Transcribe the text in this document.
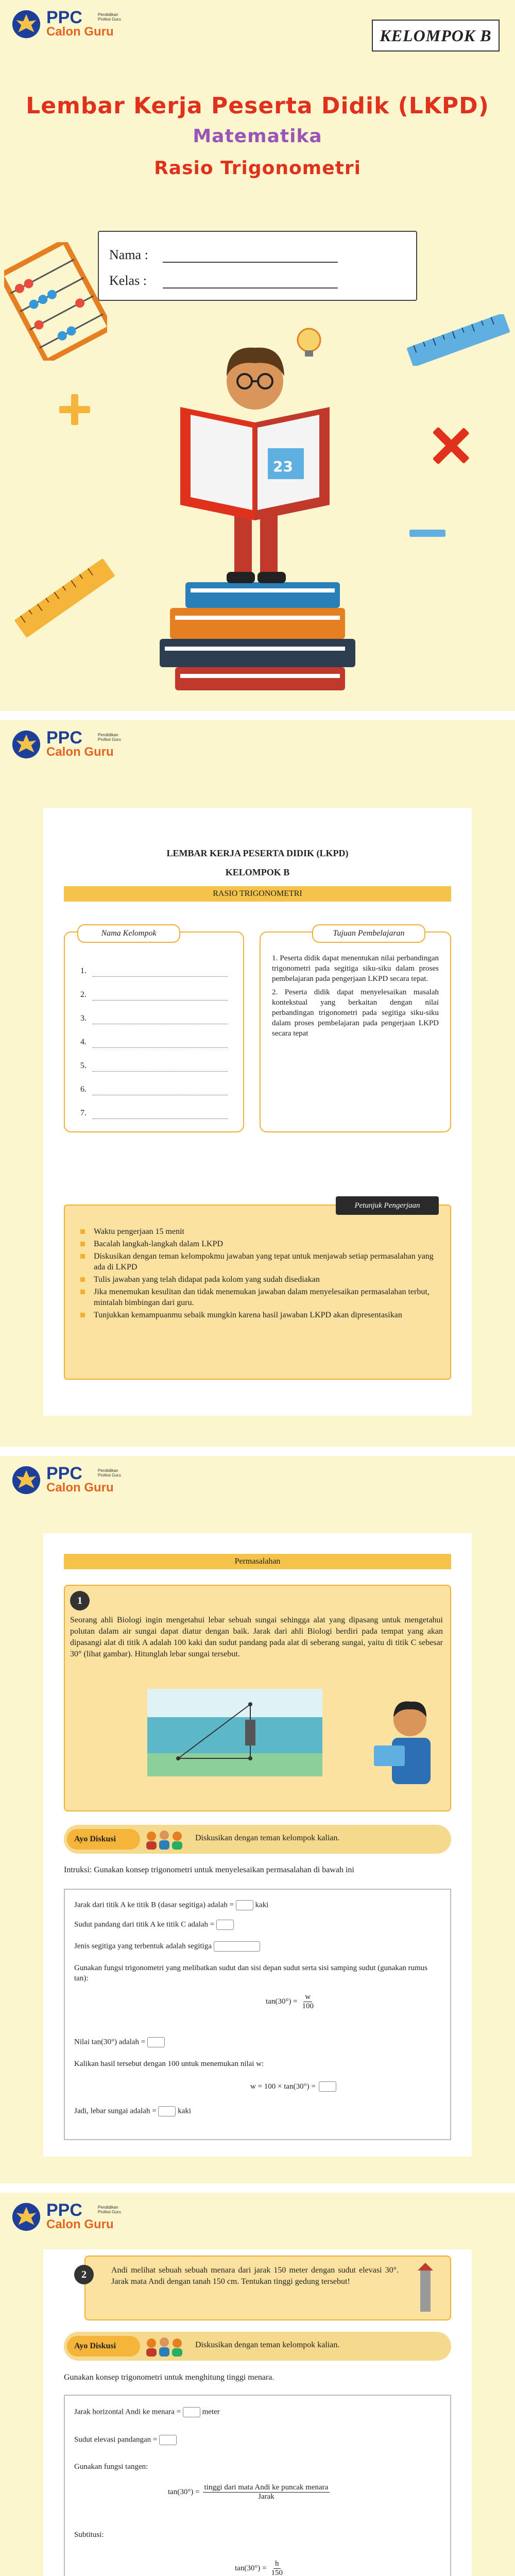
PPC
Calon Guru
Pendidikan Profesi Guru
KELOMPOK B
Lembar Kerja Peserta Didik (LKPD)
Matematika
Rasio Trigonometri
Nama :
Kelas :
23
PPC
Calon Guru
Pendidikan Profesi Guru
LEMBAR KERJA PESERTA DIDIK (LKPD)
KELOMPOK B
RASIO TRIGONOMETRI
Nama Kelompok
1.
2.
3.
4.
5.
6.
7.
Tujuan Pembelajaran

1. Peserta didik dapat menentukan nilai perbandingan trigonometri pada segitiga siku-siku dalam proses pembelajaran pada pengerjaan LKPD secara tepat.

2. Peserta didik dapat menyelesaikan masalah kontekstual yang berkaitan dengan nilai perbandingan trigonometri pada segitiga siku-siku dalam proses pembelajaran pada pengerjaan LKPD secara tepat

Petunjuk Pengerjaan
Waktu pengerjaan 15 menit
Bacalah langkah-langkah dalam LKPD
Diskusikan dengan teman kelompokmu jawaban yang tepat untuk menjawab setiap permasalahan yang ada di LKPD
Tulis jawaban yang telah didapat pada kolom yang sudah disediakan
Jika menemukan kesulitan dan tidak menemukan jawaban dalam menyelesaikan permasalahan terbut, mintalah bimbingan dari guru.
Tunjukkan kemampuanmu sebaik mungkin karena hasil jawaban LKPD akan dipresentasikan
PPC
Calon Guru
Pendidikan Profesi Guru
Permasalahan
1
Seorang ahli Biologi ingin mengetahui lebar sebuah sungai sehingga alat yang dipasang untuk mengetahui polutan dalam air sungai dapat diatur dengan baik. Jarak dari ahli Biologi berdiri pada tempat yang akan dipasangi alat di titik A adalah 100 kaki dan sudut pandang pada alat di seberang sungai, yaitu di titik C sebesar 30° (lihat gambar). Hitunglah lebar sungai tersebut.
Ayo Diskusi	Diskusikan dengan teman kelompok kalian.
Intruksi: Gunakan konsep trigonometri untuk menyelesaikan permasalahan di bawah ini
Jarak dari titik A ke titik B (dasar segitiga) adalah =	kaki
Sudut pandang dari titik A ke titik C adalah =
Jenis segitiga yang terbentuk adalah segitiga
Gunakan fungsi trigonometri yang melibatkan sudut dan sisi depan sudut serta sisi samping sudut (gunakan rumus tan):
$\tan(30^\circ) = \frac{w}{100}$
Nilai tan(30°) adalah =
Kalikan hasil tersebut dengan 100 untuk menemukan nilai w:
w = 100 × tan(30°) =
Jadi, lebar sungai adalah =	kaki
PPC
Calon Guru
Pendidikan Profesi Guru
2	Andi melihat sebuah sebuah menara dari jarak 150 meter dengan sudut elevasi 30°. Jarak mata Andi dengan tanah 150 cm. Tentukan tinggi gedung tersebut!
Ayo Diskusi	Diskusikan dengan teman kelompok kalian.
Gunakan konsep trigonometri untuk menghitung tinggi menara.
Jarak horizontal Andi ke menara =	meter
Sudut elevasi pandangan =
Gunakan fungsi tangen:
$\tan(30^\circ) = \frac{\text{tinggi dari mata Andi ke puncak menara}}{\text{Jarak}}$
Subtitusi:
$\tan(30^\circ) = \frac{h}{150}$
